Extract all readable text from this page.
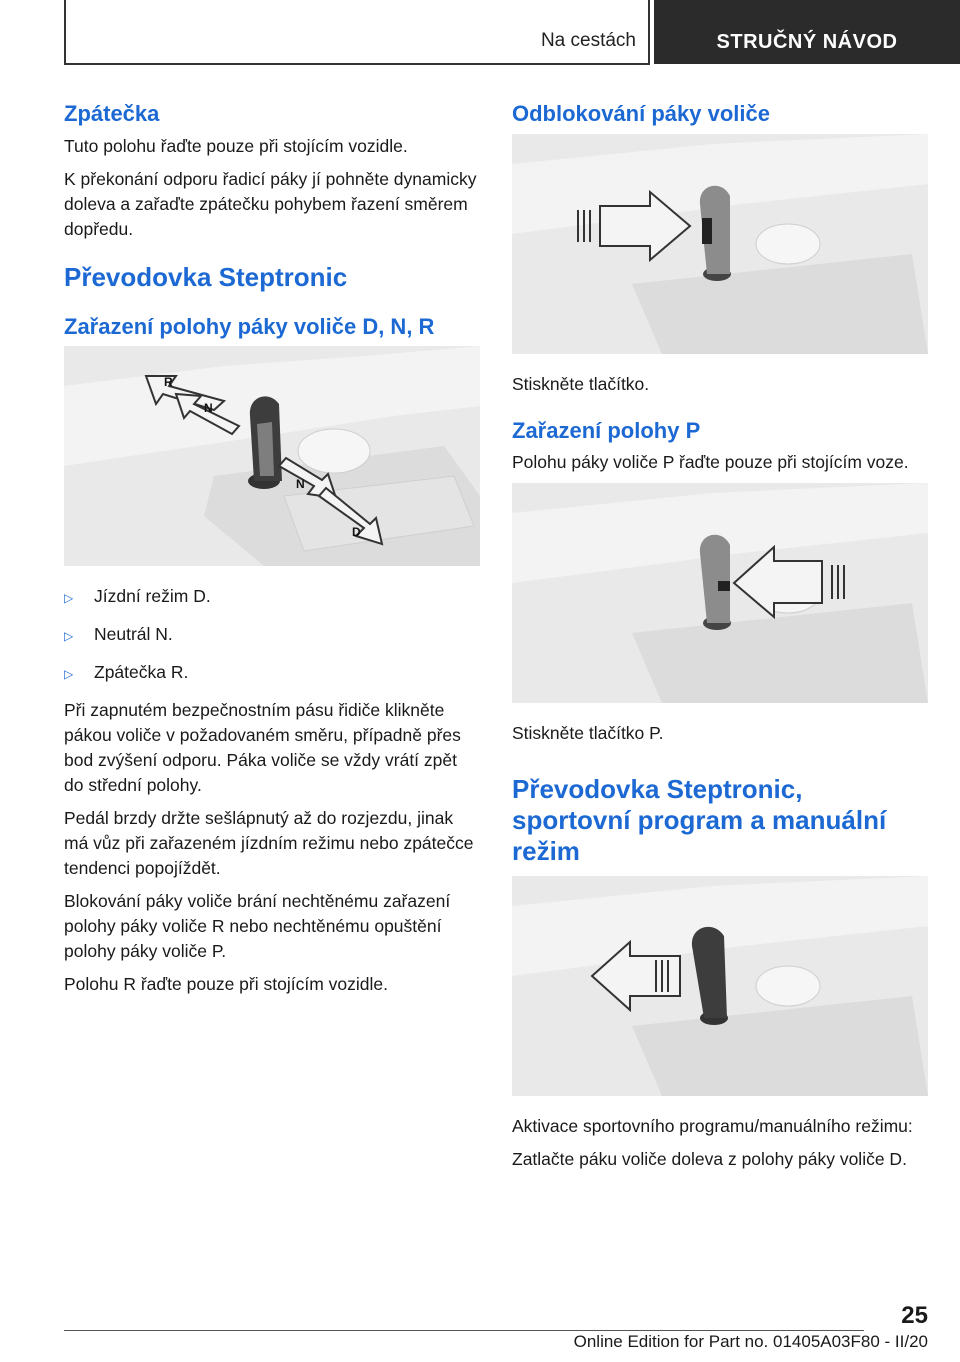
Na cestách	STRUČNÝ NÁVOD
Zpátečka

Tuto polohu řaďte pouze při stojícím vozidle.

K překonání odporu řadicí páky jí pohněte dynamicky doleva a zařaďte zpátečku pohybem řazení směrem dopředu.

Převodovka Steptronic
Zařazení polohy páky voliče D, N, R
R
N
N
D
▷	Jízdní režim D.
▷	Neutrál N.
▷	Zpátečka R.

Při zapnutém bezpečnostním pásu řidiče klikněte pákou voliče v požadovaném směru, případně přes bod zvýšení odporu. Páka voliče se vždy vrátí zpět do střední polohy.

Pedál brzdy držte sešlápnutý až do rozjezdu, jinak má vůz při zařazeném jízdním režimu nebo zpátečce tendenci popojíždět.

Blokování páky voliče brání nechtěnému zařazení polohy páky voliče R nebo nechtěnému opuštění polohy páky voliče P.

Polohu R řaďte pouze při stojícím vozidle.

Odblokování páky voliče

Stiskněte tlačítko.

Zařazení polohy P

Polohu páky voliče P řaďte pouze při stojícím voze.

Stiskněte tlačítko P.

Převodovka Steptronic, sportovní program a manuální režim

Aktivace sportovního programu/manuálního režimu:

Zatlačte páku voliče doleva z polohy páky voliče D.

25
Online Edition for Part no. 01405A03F80 - II/20
